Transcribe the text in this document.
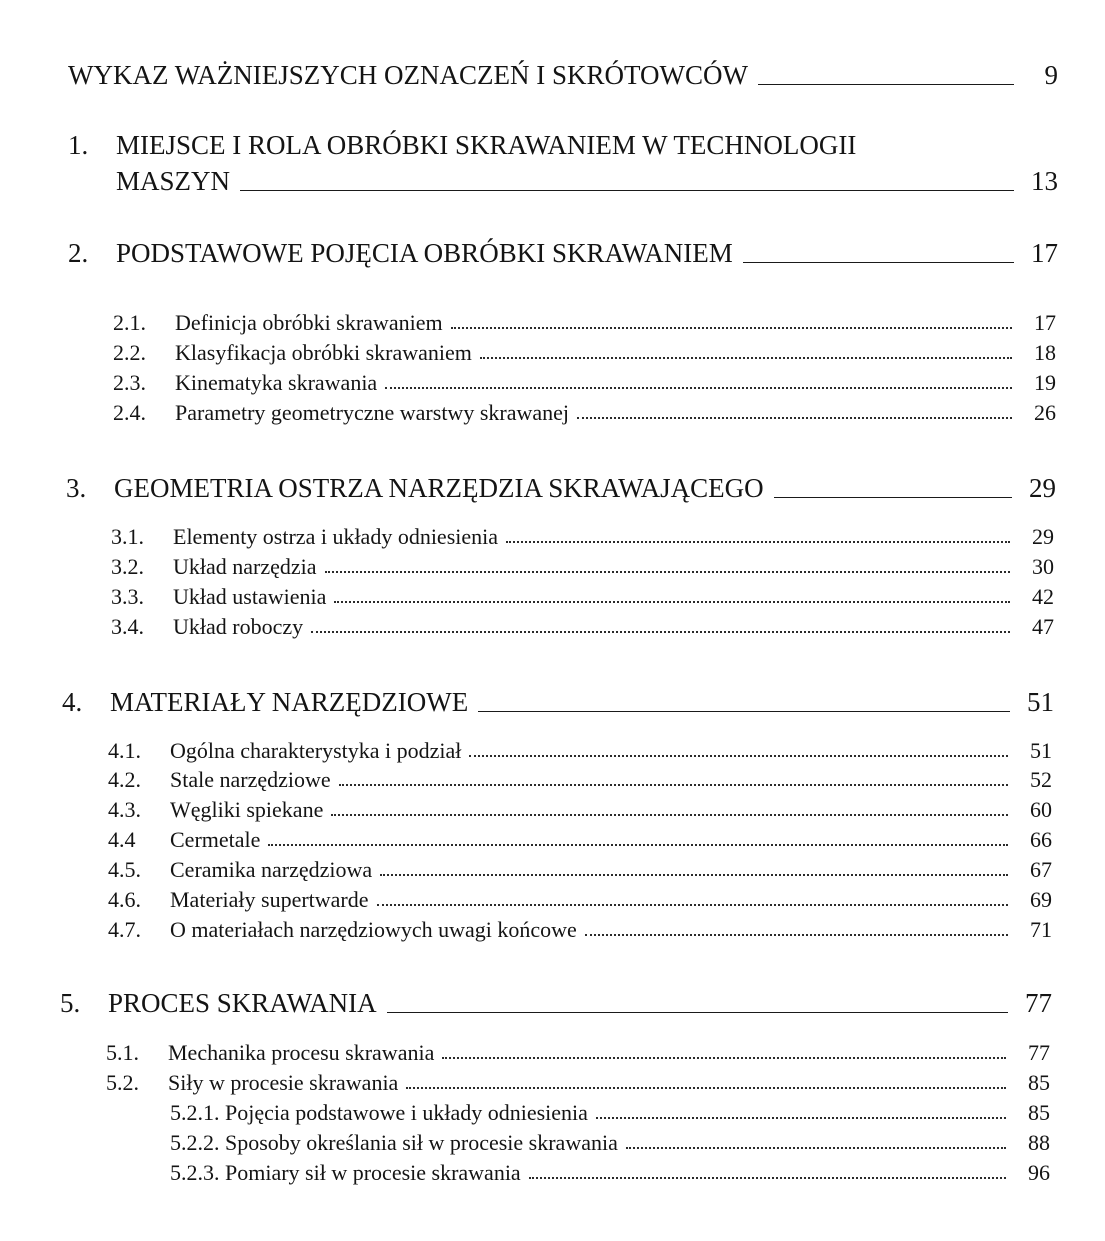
WYKAZ WAŻNIEJSZYCH OZNACZEŃ I SKRÓTOWCÓW	9
1.	MIEJSCE I ROLA OBRÓBKI SKRAWANIEM W TECHNOLOGII
MASZYN	13
2.	PODSTAWOWE POJĘCIA OBRÓBKI SKRAWANIEM	17
2.1.	Definicja obróbki skrawaniem	17
2.2.	Klasyfikacja obróbki skrawaniem	18
2.3.	Kinematyka skrawania	19
2.4.	Parametry geometryczne warstwy skrawanej	26
3.	GEOMETRIA OSTRZA NARZĘDZIA SKRAWAJĄCEGO	29
3.1.	Elementy ostrza i układy odniesienia	29
3.2.	Układ narzędzia	30
3.3.	Układ ustawienia	42
3.4.	Układ roboczy	47
4.	MATERIAŁY NARZĘDZIOWE	51
4.1.	Ogólna charakterystyka i podział	51
4.2.	Stale narzędziowe	52
4.3.	Węgliki spiekane	60
4.4	Cermetale	66
4.5.	Ceramika narzędziowa	67
4.6.	Materiały supertwarde	69
4.7.	O materiałach narzędziowych uwagi końcowe	71
5.	PROCES SKRAWANIA	77
5.1.	Mechanika procesu skrawania	77
5.2.	Siły w procesie skrawania	85
5.2.1. Pojęcia podstawowe i układy odniesienia	85
5.2.2. Sposoby określania sił w procesie skrawania	88
5.2.3. Pomiary sił w procesie skrawania	96
